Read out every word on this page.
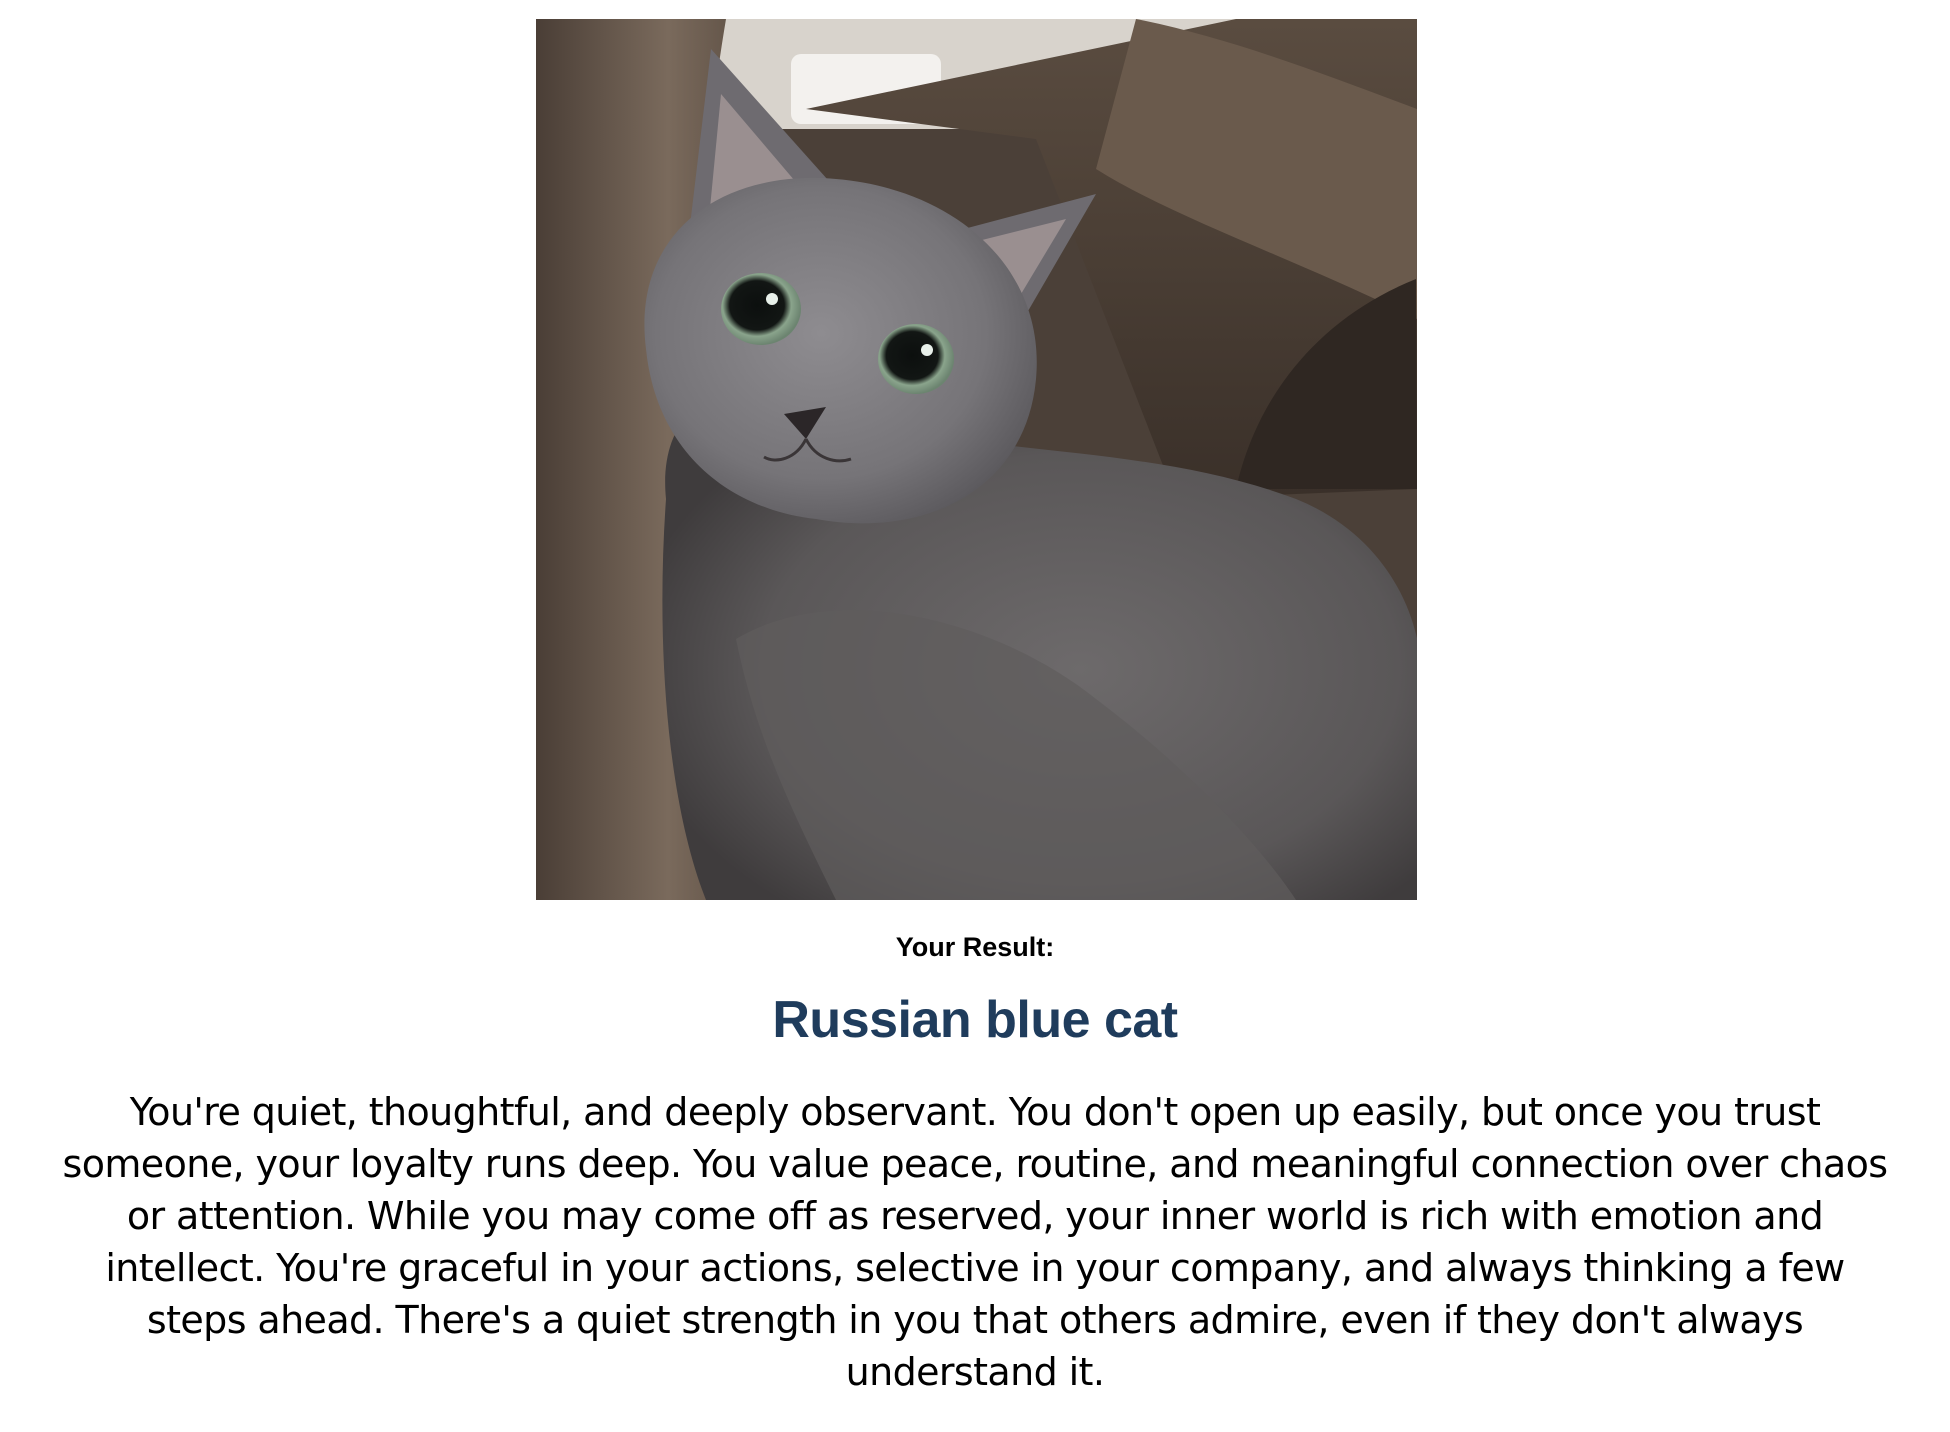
Your Result:
Russian blue cat
You're quiet, thoughtful, and deeply observant. You don't open up easily, but once you trust someone, your loyalty runs deep. You value peace, routine, and meaningful connection over chaos or attention. While you may come off as reserved, your inner world is rich with emotion and intellect. You're graceful in your actions, selective in your company, and always thinking a few steps ahead. There's a quiet strength in you that others admire, even if they don't always understand it.
